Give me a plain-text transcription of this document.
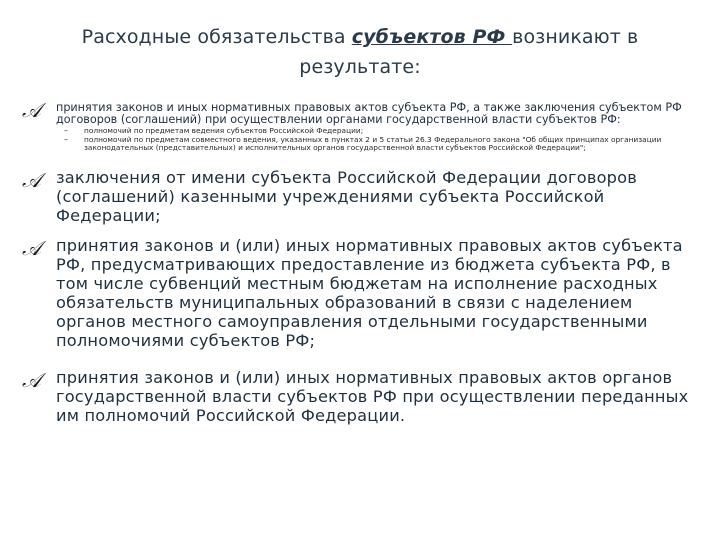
Расходные обязательства субъектов РФ возникают в
результате:
𝒜 принятия законов и иных нормативных правовых актов субъекта РФ, а также заключения субъектом РФ договоров (соглашений) при осуществлении органами государственной власти субъектов РФ:
– полномочий по предметам ведения субъектов Российской Федерации;
– полномочий по предметам совместного ведения, указанных в пунктах 2 и 5 статьи 26.3 Федерального закона "Об общих принципах организации законодательных (представительных) и исполнительных органов государственной власти субъектов Российской Федерации";
𝒜 заключения от имени субъекта Российской Федерации договоров (соглашений) казенными учреждениями субъекта Российской Федерации;
𝒜 принятия законов и (или) иных нормативных правовых актов субъекта РФ, предусматривающих предоставление из бюджета субъекта РФ, в том числе субвенций местным бюджетам на исполнение расходных обязательств муниципальных образований в связи с наделением органов местного самоуправления отдельными государственными полномочиями субъектов РФ;
𝒜 принятия законов и (или) иных нормативных правовых актов органов государственной власти субъектов РФ при осуществлении переданных им полномочий Российской Федерации.
